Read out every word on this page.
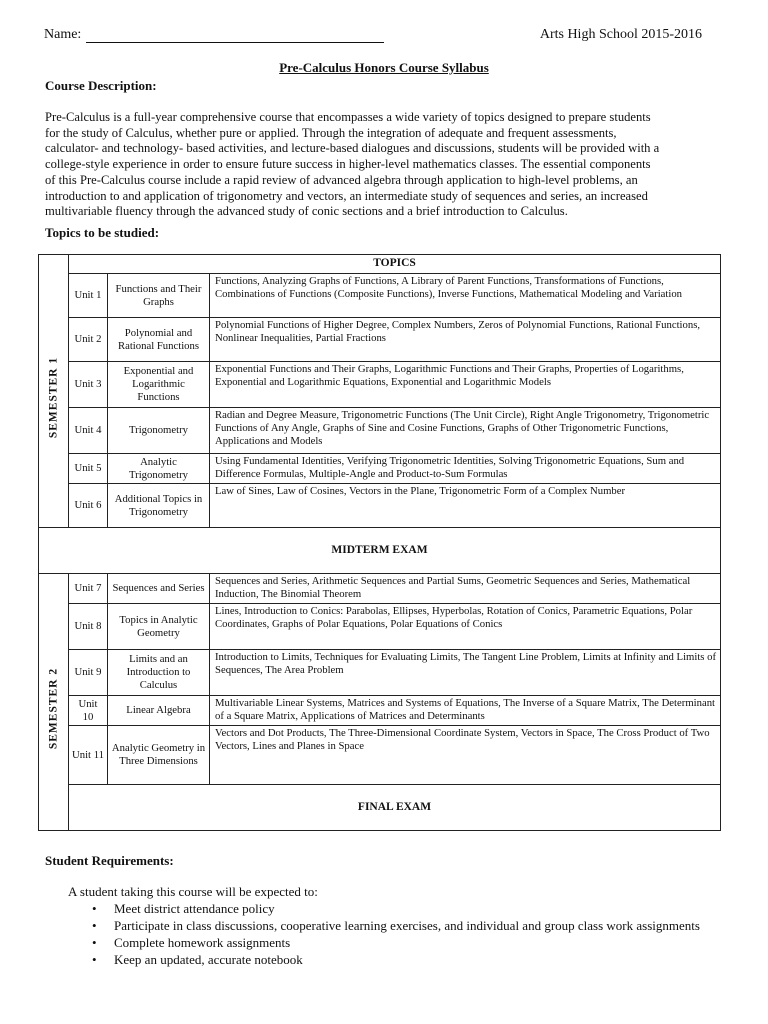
Name:	Arts High School 2015-2016
Pre-Calculus Honors Course Syllabus
Course Description:
Pre-Calculus is a full-year comprehensive course that encompasses a wide variety of topics designed to prepare students
for the study of Calculus, whether pure or applied. Through the integration of adequate and frequent assessments,
calculator- and technology- based activities, and lecture-based dialogues and discussions, students will be provided with a
college-style experience in order to ensure future success in higher-level mathematics classes. The essential components
of this Pre-Calculus course include a rapid review of advanced algebra through application to high-level problems, an
introduction to and application of trigonometry and vectors, an intermediate study of sequences and series, an increased
multivariable fluency through the advanced study of conic sections and a brief introduction to Calculus.
Topics to be studied:
SEMESTER 1	TOPICS		
	Unit 1	Functions and Their Graphs	Functions, Analyzing Graphs of Functions, A Library of Parent Functions, Transformations of Functions, Combinations of Functions (Composite Functions), Inverse Functions, Mathematical Modeling and Variation
	Unit 2	Polynomial and Rational Functions	Polynomial Functions of Higher Degree, Complex Numbers, Zeros of Polynomial Functions, Rational Functions, Nonlinear Inequalities, Partial Fractions
	Unit 3	Exponential and Logarithmic Functions	Exponential Functions and Their Graphs, Logarithmic Functions and Their Graphs, Properties of Logarithms, Exponential and Logarithmic Equations, Exponential and Logarithmic Models
	Unit 4	Trigonometry	Radian and Degree Measure, Trigonometric Functions (The Unit Circle), Right Angle Trigonometry, Trigonometric Functions of Any Angle, Graphs of Sine and Cosine Functions, Graphs of Other Trigonometric Functions, Applications and Models
	Unit 5	Analytic Trigonometry	Using Fundamental Identities, Verifying Trigonometric Identities, Solving Trigonometric Equations, Sum and Difference Formulas, Multiple-Angle and Product-to-Sum Formulas
	Unit 6	Additional Topics in Trigonometry	Law of Sines, Law of Cosines, Vectors in the Plane, Trigonometric Form of a Complex Number
MIDTERM EXAM			

SEMESTER 2	Unit 7	Sequences and Series	Sequences and Series, Arithmetic Sequences and Partial Sums, Geometric Sequences and Series, Mathematical Induction, The Binomial Theorem
	Unit 8	Topics in Analytic Geometry	Lines, Introduction to Conics: Parabolas, Ellipses, Hyperbolas, Rotation of Conics, Parametric Equations, Polar Coordinates, Graphs of Polar Equations, Polar Equations of Conics
	Unit 9	Limits and an Introduction to Calculus	Introduction to Limits, Techniques for Evaluating Limits, The Tangent Line Problem, Limits at Infinity and Limits of Sequences, The Area Problem
	Unit 10	Linear Algebra	Multivariable Linear Systems, Matrices and Systems of Equations, The Inverse of a Square Matrix, The Determinant of a Square Matrix, Applications of Matrices and Determinants
	Unit 11	Analytic Geometry in Three Dimensions	Vectors and Dot Products, The Three-Dimensional Coordinate System, Vectors in Space, The Cross Product of Two Vectors, Lines and Planes in Space
	FINAL EXAM		
Student Requirements:
A student taking this course will be expected to:
• Meet district attendance policy
• Participate in class discussions, cooperative learning exercises, and individual and group class work assignments
• Complete homework assignments
• Keep an updated, accurate notebook
